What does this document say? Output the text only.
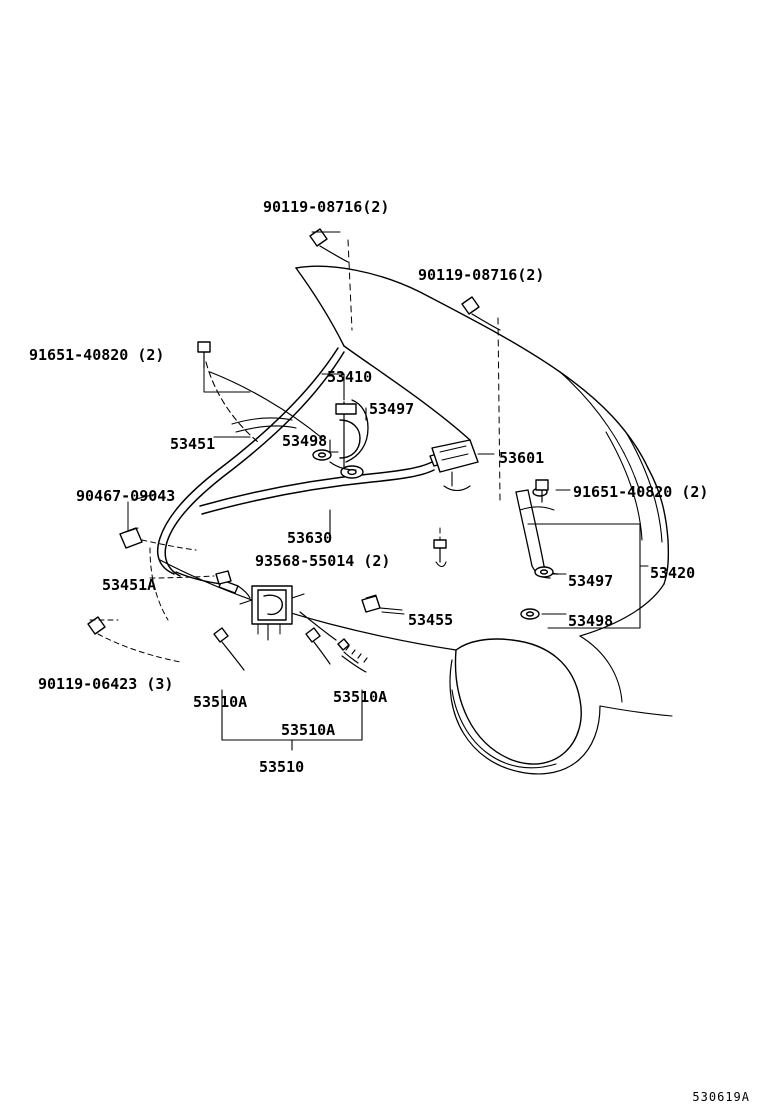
90119-08716(2)
90119-08716(2)
91651-40820 (2)
53410
53497
53451	53498
53601
91651-40820 (2)
90467-09043
53630
93568-55014 (2)
53420
53497
53451A
53498
53455
90119-06423 (3)
53510A	53510A
53510A
53510
530619A
